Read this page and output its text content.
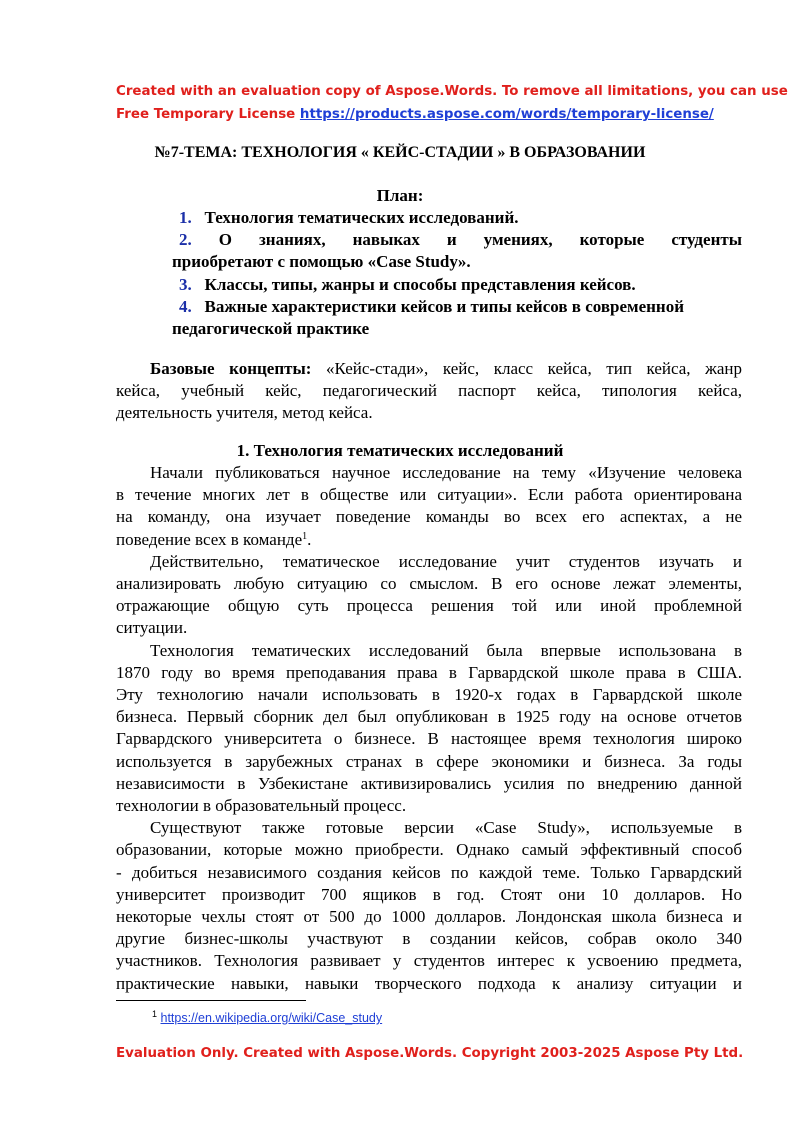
Created with an evaluation copy of Aspose.Words. To remove all limitations, you can use
Free Temporary License https://products.aspose.com/words/temporary-license/
№7-ТЕМА: ТЕХНОЛОГИЯ « КЕЙС-СТАДИИ » В ОБРАЗОВАНИИ
План:
1. Технология тематических исследований.
2. О знаниях, навыках и умениях, которые студенты
приобретают с помощью «Case Study».
3. Классы, типы, жанры и способы представления кейсов.
4. Важные характеристики кейсов и типы кейсов в современной
педагогической практике
Базовые концепты: «Кейс-стади», кейс, класс кейса, тип кейса, жанр
кейса, учебный кейс, педагогический паспорт кейса, типология кейса,
деятельность учителя, метод кейса.
1. Технология тематических исследований
Начали публиковаться научное исследование на тему «Изучение человека
в течение многих лет в обществе или ситуации». Если работа ориентирована
на команду, она изучает поведение команды во всех его аспектах, а не
поведение всех в команде$^1$.
Действительно, тематическое исследование учит студентов изучать и
анализировать любую ситуацию со смыслом. В его основе лежат элементы,
отражающие общую суть процесса решения той или иной проблемной
ситуации.
Технология тематических исследований была впервые использована в
1870 году во время преподавания права в Гарвардской школе права в США.
Эту технологию начали использовать в 1920-х годах в Гарвардской школе
бизнеса. Первый сборник дел был опубликован в 1925 году на основе отчетов
Гарвардского университета о бизнесе. В настоящее время технология широко
используется в зарубежных странах в сфере экономики и бизнеса. За годы
независимости в Узбекистане активизировались усилия по внедрению данной
технологии в образовательный процесс.
Существуют также готовые версии «Case Study», используемые в
образовании, которые можно приобрести. Однако самый эффективный способ
- добиться независимого создания кейсов по каждой теме. Только Гарвардский
университет производит 700 ящиков в год. Стоят они 10 долларов. Но
некоторые чехлы стоят от 500 до 1000 долларов. Лондонская школа бизнеса и
другие бизнес-школы участвуют в создании кейсов, собрав около 340
участников. Технология развивает у студентов интерес к усвоению предмета,
практические навыки, навыки творческого подхода к анализу ситуации и
$^1$ https://en.wikipedia.org/wiki/Case_study
Evaluation Only. Created with Aspose.Words. Copyright 2003-2025 Aspose Pty Ltd.
